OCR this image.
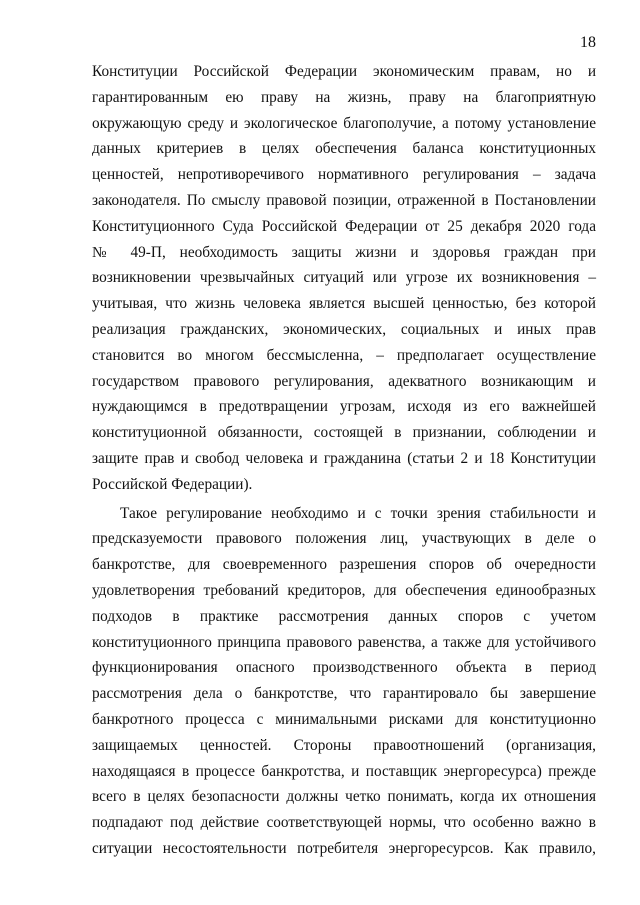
18
Конституции Российской Федерации экономическим правам, но и
гарантированным ею праву на жизнь, праву на благоприятную
окружающую среду и экологическое благополучие, а потому установление
данных критериев в целях обеспечения баланса конституционных
ценностей, непротиворечивого нормативного регулирования – задача
законодателя. По смыслу правовой позиции, отраженной в Постановлении
Конституционного Суда Российской Федерации от 25 декабря 2020 года
№ 49-П, необходимость защиты жизни и здоровья граждан при
возникновении чрезвычайных ситуаций или угрозе их возникновения –
учитывая, что жизнь человека является высшей ценностью, без которой
реализация гражданских, экономических, социальных и иных прав
становится во многом бессмысленна, – предполагает осуществление
государством правового регулирования, адекватного возникающим и
нуждающимся в предотвращении угрозам, исходя из его важнейшей
конституционной обязанности, состоящей в признании, соблюдении и
защите прав и свобод человека и гражданина (статьи 2 и 18 Конституции
Российской Федерации).
Такое регулирование необходимо и с точки зрения стабильности и
предсказуемости правового положения лиц, участвующих в деле о
банкротстве, для своевременного разрешения споров об очередности
удовлетворения требований кредиторов, для обеспечения единообразных
подходов в практике рассмотрения данных споров с учетом
конституционного принципа правового равенства, а также для устойчивого
функционирования опасного производственного объекта в период
рассмотрения дела о банкротстве, что гарантировало бы завершение
банкротного процесса с минимальными рисками для конституционно
защищаемых ценностей. Стороны правоотношений (организация,
находящаяся в процессе банкротства, и поставщик энергоресурса) прежде
всего в целях безопасности должны четко понимать, когда их отношения
подпадают под действие соответствующей нормы, что особенно важно в
ситуации несостоятельности потребителя энергоресурсов. Как правило,
